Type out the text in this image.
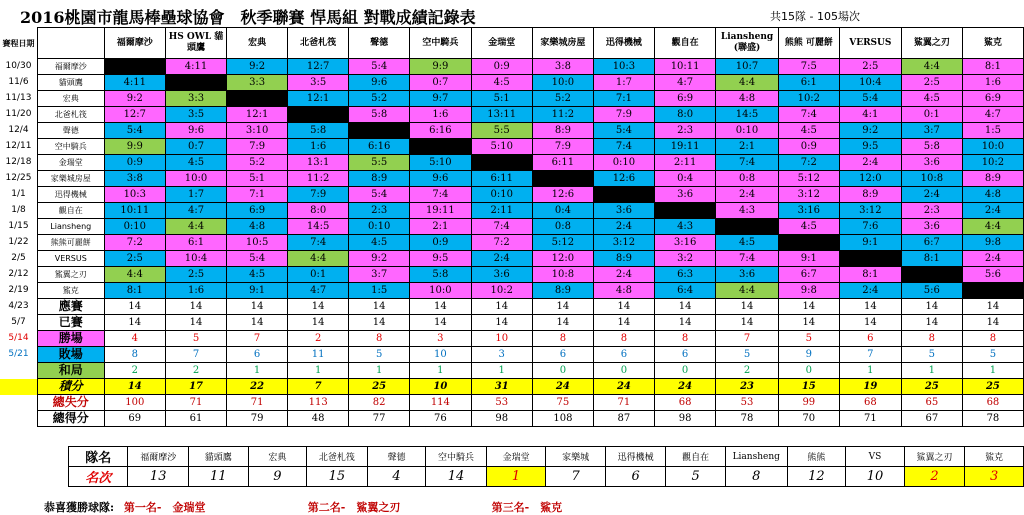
2016桃園市龍馬棒壘球協會　秋季聯賽 悍馬組 對戰成績記錄表	共15隊 - 105場次
賽程日期		福爾摩沙	HS OWL 貓頭鷹	宏典	北爸札筏	聲德	空中騎兵	金瑞堂	家樂城房屋	迅得機械	觀自在	Liansheng (聯盛)	熊熊 可麗餅	VERSUS	鯊翼之刃	鯊克
10/30	福爾摩沙		4:11	9:2	12:7	5:4	9:9	0:9	3:8	10:3	10:11	10:7	7:5	2:5	4:4	8:1
11/6	貓頭鷹	4:11		3:3	3:5	9:6	0:7	4:5	10:0	1:7	4:7	4:4	6:1	10:4	2:5	1:6
11/13	宏典	9:2	3:3		12:1	5:2	9:7	5:1	5:2	7:1	6:9	4:8	10:2	5:4	4:5	6:9
11/20	北爸札筏	12:7	3:5	12:1		5:8	1:6	13:11	11:2	7:9	8:0	14:5	7:4	4:1	0:1	4:7
12/4	聲德	5:4	9:6	3:10	5:8		6:16	5:5	8:9	5:4	2:3	0:10	4:5	9:2	3:7	1:5
12/11	空中騎兵	9:9	0:7	7:9	1:6	6:16		5:10	7:9	7:4	19:11	2:1	0:9	9:5	5:8	10:0
12/18	金瑞堂	0:9	4:5	5:2	13:1	5:5	5:10		6:11	0:10	2:11	7:4	7:2	2:4	3:6	10:2
12/25	家樂城房屋	3:8	10:0	5:1	11:2	8:9	9:6	6:11		12:6	0:4	0:8	5:12	12:0	10:8	8:9
1/1	迅得機械	10:3	1:7	7:1	7:9	5:4	7:4	0:10	12:6		3:6	2:4	3:12	8:9	2:4	4:8
1/8	觀自在	10:11	4:7	6:9	8:0	2:3	19:11	2:11	0:4	3:6		4:3	3:16	3:12	2:3	2:4
1/15	Liansheng	0:10	4:4	4:8	14:5	0:10	2:1	7:4	0:8	2:4	4:3		4:5	7:6	3:6	4:4
1/22	熊熊可麗餅	7:2	6:1	10:5	7:4	4:5	0:9	7:2	5:12	3:12	3:16	4:5		9:1	6:7	9:8
2/5	VERSUS	2:5	10:4	5:4	4:4	9:2	9:5	2:4	12:0	8:9	3:2	7:4	9:1		8:1	2:4
2/12	鯊翼之刃	4:4	2:5	4:5	0:1	3:7	5:8	3:6	10:8	2:4	6:3	3:6	6:7	8:1		5:6
2/19	鯊克	8:1	1:6	9:1	4:7	1:5	10:0	10:2	8:9	4:8	6:4	4:4	9:8	2:4	5:6	
4/23	應賽	14	14	14	14	14	14	14	14	14	14	14	14	14	14	14
5/7	已賽	14	14	14	14	14	14	14	14	14	14	14	14	14	14	14
5/14	勝場	4	5	7	2	8	3	10	8	8	8	7	5	6	8	8
5/21	敗場	8	7	6	11	5	10	3	6	6	6	5	9	7	5	5
	和局	2	2	1	1	1	1	1	0	0	0	2	0	1	1	1
	積分	14	17	22	7	25	10	31	24	24	24	23	15	19	25	25
	總失分	100	71	71	113	82	114	53	75	71	68	53	99	68	65	68
	總得分	69	61	79	48	77	76	98	108	87	98	78	70	71	67	78
隊名	福爾摩沙	貓頭鷹	宏典	北爸札筏	聲德	空中騎兵	金瑞堂	家樂城	迅得機械	觀自在	Liansheng	熊熊	VS	鯊翼之刃	鯊克
名次	13	11	9	15	4	14	1	7	6	5	8	12	10	2	3
恭喜獲勝球隊: 第一名-　金瑞堂	第二名-　鯊翼之刃	第三名-　鯊克
